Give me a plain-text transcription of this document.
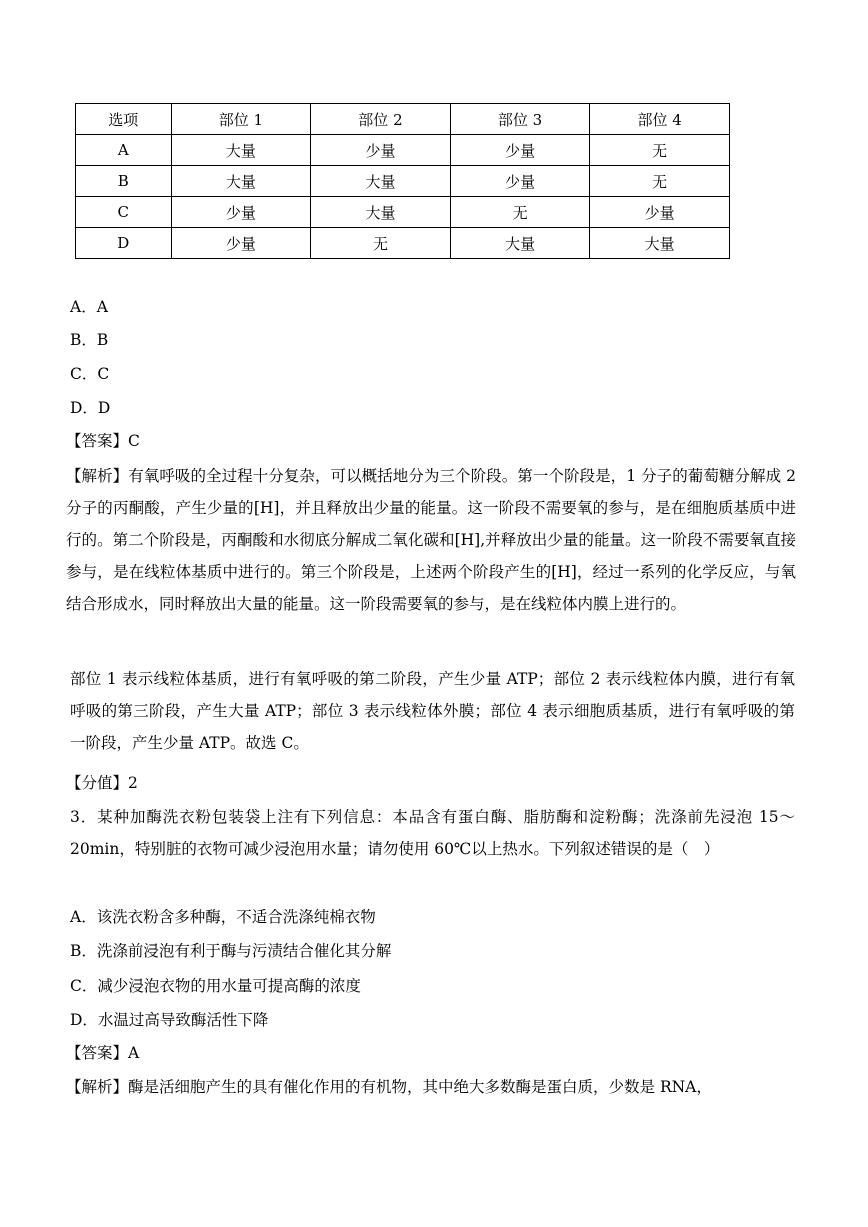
选项	部位 1	部位 2	部位 3	部位 4
A	大量	少量	少量	无
B	大量	大量	少量	无
C	少量	大量	无	少量
D	少量	无	大量	大量
A．A
B．B
C．C
D．D
【答案】C
【解析】有氧呼吸的全过程十分复杂，可以概括地分为三个阶段。第一个阶段是，1 分子的葡萄糖分解成 2 分子的丙酮酸，产生少量的[H]，并且释放出少量的能量。这一阶段不需要氧的参与，是在细胞质基质中进行的。第二个阶段是，丙酮酸和水彻底分解成二氧化碳和[H],并释放出少量的能量。这一阶段不需要氧直接参与，是在线粒体基质中进行的。第三个阶段是，上述两个阶段产生的[H]，经过一系列的化学反应，与氧结合形成水，同时释放出大量的能量。这一阶段需要氧的参与，是在线粒体内膜上进行的。
部位 1 表示线粒体基质，进行有氧呼吸的第二阶段，产生少量 ATP；部位 2 表示线粒体内膜，进行有氧呼吸的第三阶段，产生大量 ATP；部位 3 表示线粒体外膜；部位 4 表示细胞质基质，进行有氧呼吸的第一阶段，产生少量 ATP。故选 C。
【分值】2
3．某种加酶洗衣粉包装袋上注有下列信息：本品含有蛋白酶、脂肪酶和淀粉酶；洗涤前先浸泡 15～20min，特别脏的衣物可减少浸泡用水量；请勿使用 60℃以上热水。下列叙述错误的是（　）
A．该洗衣粉含多种酶，不适合洗涤纯棉衣物
B．洗涤前浸泡有利于酶与污渍结合催化其分解
C．减少浸泡衣物的用水量可提高酶的浓度
D．水温过高导致酶活性下降
【答案】A
【解析】酶是活细胞产生的具有催化作用的有机物，其中绝大多数酶是蛋白质，少数是 RNA，
